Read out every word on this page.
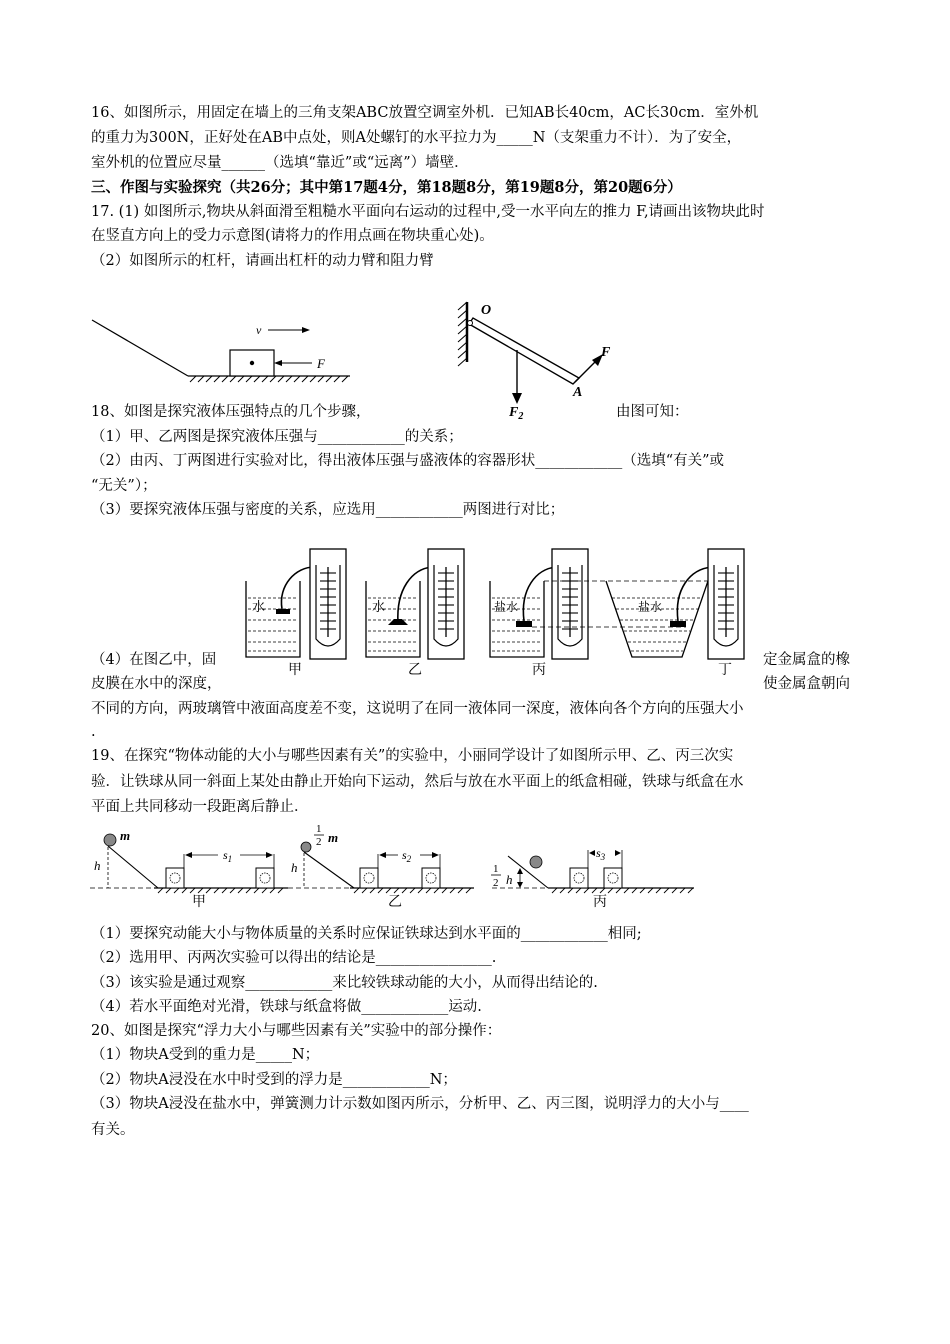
16、如图所示，用固定在墙上的三角支架ABC放置空调室外机．已知AB长40cm，AC长30cm．室外机
的重力为300N，正好处在AB中点处，则A处螺钉的水平拉力为_____N（支架重力不计）．为了安全，
室外机的位置应尽量______（选填“靠近”或“远离”）墙壁．
三、作图与实验探究（共26分；其中第17题4分，第18题8分，第19题8分，第20题6分）
17. (1) 如图所示,物块从斜面滑至粗糙水平面向右运动的过程中,受一水平向左的推力 F,请画出该物块此时
在竖直方向上的受力示意图(请将力的作用点画在物块重心处)。
（2）如图所示的杠杆，请画出杠杆的动力臂和阻力臂
v
F
O
$F_2$
F
A
18、如图是探究液体压强特点的几个步骤，	由图可知：
（1）甲、乙两图是探究液体压强与____________的关系；
（2）由丙、丁两图进行实验对比，得出液体压强与盛液体的容器形状____________（选填“有关”或
“无关”）；
（3）要探究液体压强与密度的关系，应选用____________两图进行对比；
水
甲
水
乙
盐水
丙
盐水
丁
（4）在图乙中，固	定金属盒的橡
皮膜在水中的深度，	使金属盒朝向
不同的方向，两玻璃管中液面高度差不变，这说明了在同一液体同一深度，液体向各个方向的压强大小
.
19、在探究“物体动能的大小与哪些因素有关”的实验中，小丽同学设计了如图所示甲、乙、丙三次实
验．让铁球从同一斜面上某处由静止开始向下运动，然后与放在水平面上的纸盒相碰，铁球与纸盒在水
平面上共同移动一段距离后静止．
m
h
$s_1$
甲
1
2 m
h
$s_2$
乙
1
2 h
$s_3$
丙
（1）要探究动能大小与物体质量的关系时应保证铁球达到水平面的____________相同;
（2）选用甲、丙两次实验可以得出的结论是________________.
（3）该实验是通过观察____________来比较铁球动能的大小，从而得出结论的.
（4）若水平面绝对光滑，铁球与纸盒将做____________运动.
20、如图是探究“浮力大小与哪些因素有关”实验中的部分操作：
（1）物块A受到的重力是_____N；
（2）物块A浸没在水中时受到的浮力是____________N；
（3）物块A浸没在盐水中，弹簧测力计示数如图丙所示，分析甲、乙、丙三图，说明浮力的大小与____
有关。
